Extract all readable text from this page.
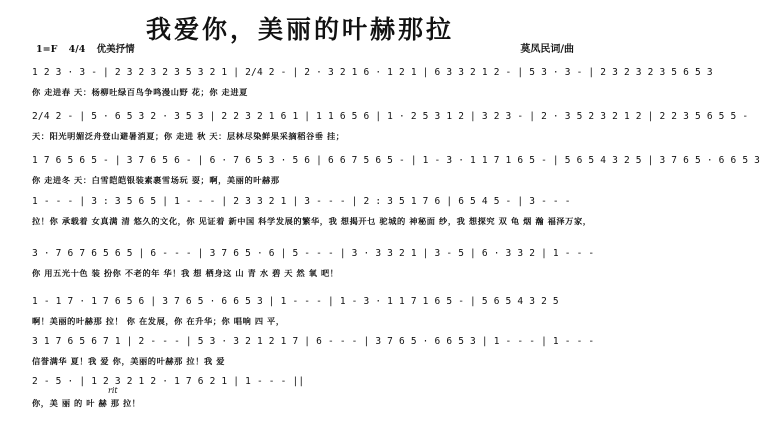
我爱你，美丽的叶赫那拉
莫凤民词/曲
1=F 4/4 优美抒情
1 2 3 · 3 - | 2 3 2 3 2 3 5 3 2 1 | 2/4 2 - | 2 · 3 2 1 6 · 1 2 1 | 6 3 3 2 1 2 - | 5 3 · 3 - | 2 3 2 3 2 3 5 6 5 3
你 走进春 天：杨柳吐绿百鸟争鸣漫山野 花；你 走进夏
2/4 2 - | 5 · 6 5 3 2 · 3 5 3 | 2 2 3 2 1 6 1 | 1 1 6 5 6 | 1 · 2 5 3 1 2 | 3 2 3 - | 2 · 3 5 2 3 2 1 2 | 2 2 3 5 6 5 5 -
天：阳光明媚泛舟登山避暑消夏；你 走进 秋 天：层林尽染鲜果采摘稻谷垂 挂；
1 7 6 5 6 5 - | 3 7 6 5 6 - | 6 · 7 6 5 3 · 5 6 | 6 6 7 5 6 5 - | 1 - 3 · 1 1 7 1 6 5 - | 5 6 5 4 3 2 5 | 3 7 6 5 · 6 6 5 3
你 走进冬 天：白雪皑皑银装素裹雪场玩 耍；啊，美丽的叶赫那
1 - - - | 3 : 3 5 6 5 | 1 - - - | 2 3 3 2 1 | 3 - - - | 2 : 3 5 1 7 6 | 6 5 4 5 - | 3 - - -
拉！你 承载着 女真满 清 悠久的文化，你 见证着 新中国 科学发展的繁华，我 想揭开乜 驼城的 神秘面 纱，我 想探究 双 龟 烟 瀚 福泽万家，
3 · 7 6 7 6 5 6 5 | 6 - - - | 3 7 6 5 · 6 | 5 - - - | 3 · 3 3 2 1 | 3 - 5 | 6 · 3 3 2 | 1 - - -
你 用五光十色 装 扮你 不老的年 华！我 想 栖身这 山 青 水 碧 天 然 氧 吧！
1 - 1 7 · 1 7 6 5 6 | 3 7 6 5 · 6 6 5 3 | 1 - - - | 1 - 3 · 1 1 7 1 6 5 - | 5 6 5 4 3 2 5
啊！美丽的叶赫那 拉！ 你 在发展，你 在升华；你 唱响 四 平，
3 1 7 6 5 6 7 1 | 2 - - - | 5 3 · 3 2 1 2 1 7 | 6 - - - | 3 7 6 5 · 6 6 5 3 | 1 - - - | 1 - - -
信誉满华 夏！我 爱 你，美丽的叶赫那 拉！我 爱
2 - 5 · | 1 2 3 2 1 2 · 1 7 6 2 1 | 1 - - - ||
rit
你，美 丽 的 叶 赫 那 拉！
